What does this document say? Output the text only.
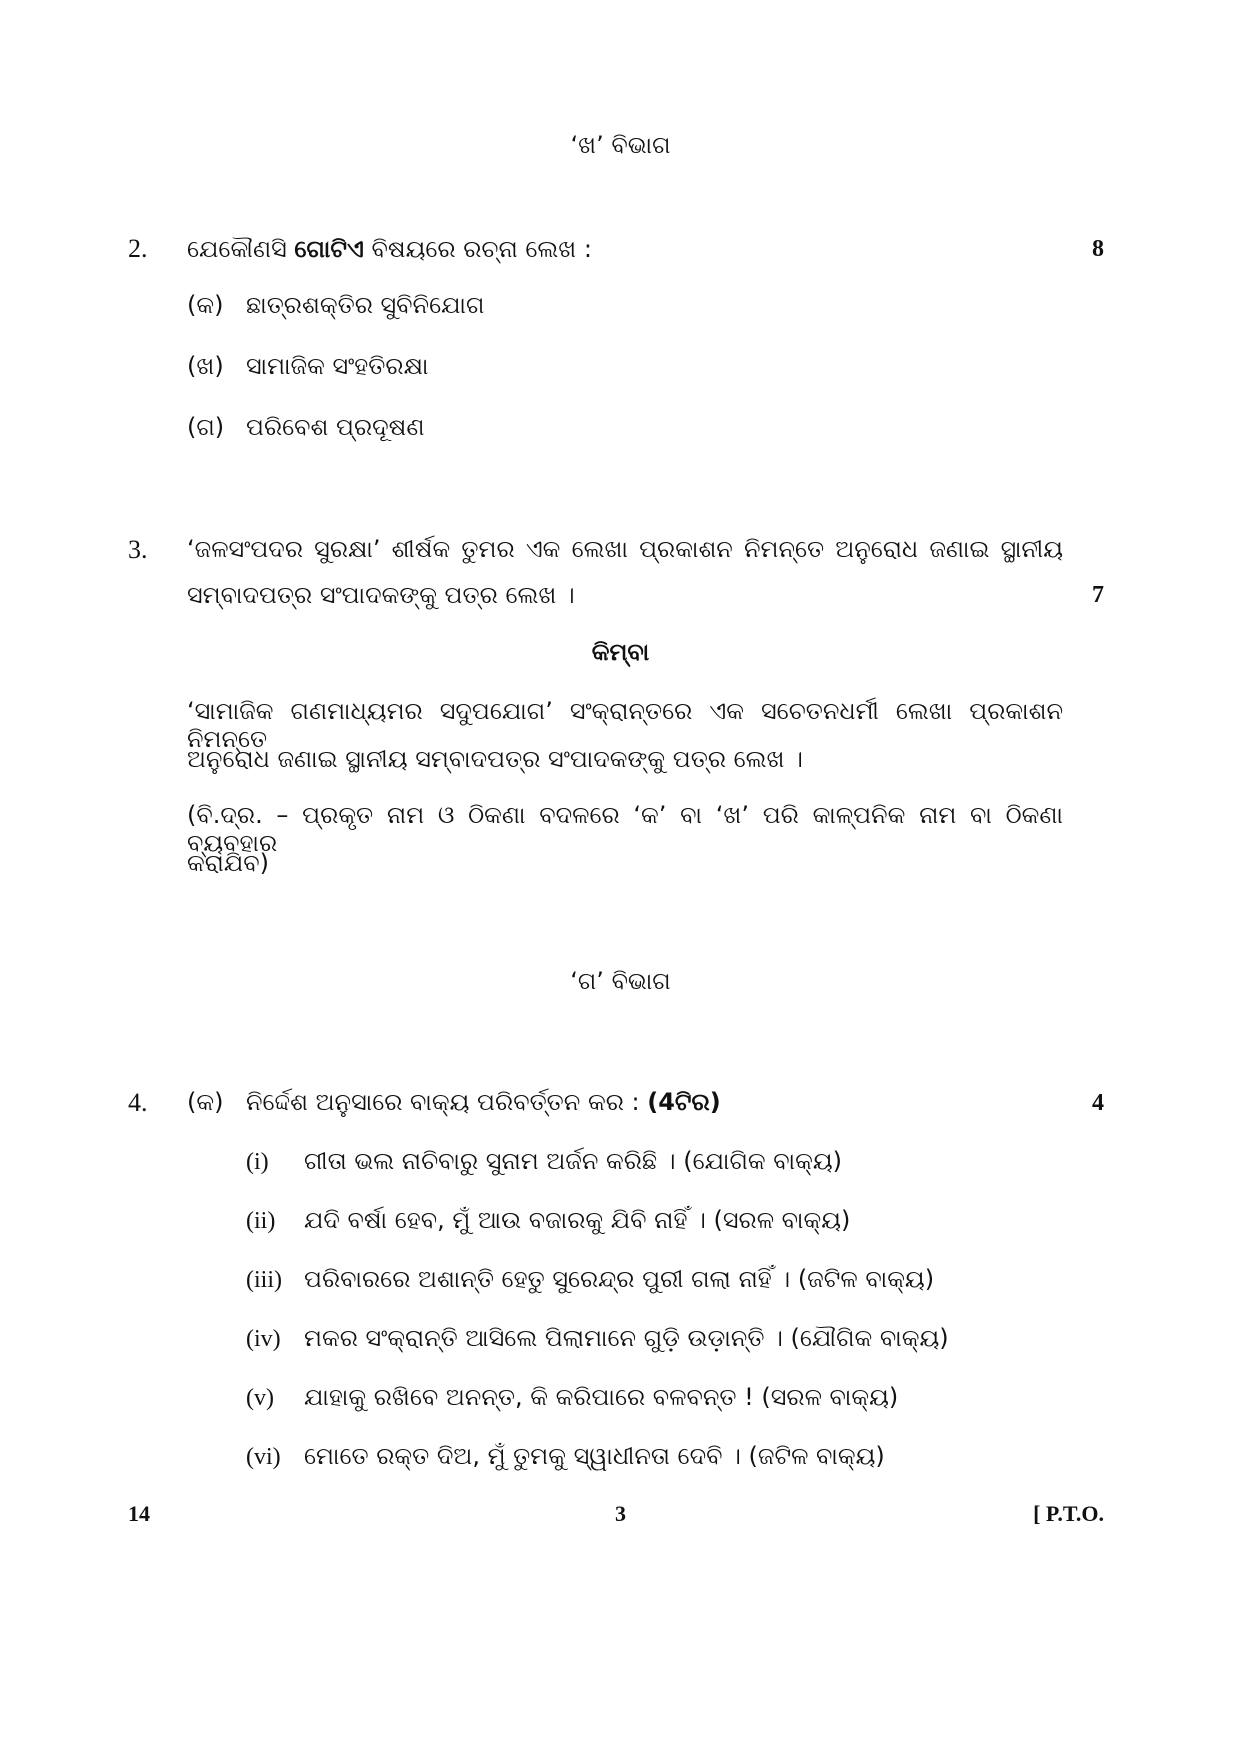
‘ଖ’ ବିଭାଗ
2. ଯେକୌଣସି ଗୋଟିଏ ବିଷୟରେ ରଚ୍‌ନା ଲେଖ :	8
(କ) ଛାତ୍ରଶକ୍ତିର ସୁବିନିଯୋଗ
(ଖ) ସାମାଜିକ ସଂହତିରକ୍ଷା
(ଗ) ପରିବେଶ ପ୍ରଦୂଷଣ
3. ‘ଜଳସଂପଦର ସୁରକ୍ଷା’ ଶୀର୍ଷକ ତୁମର ଏକ ଲେଖା ପ୍ରକାଶନ ନିମନ୍ତେ ଅନୁରୋଧ ଜଣାଇ ସ୍ଥାନୀୟ
ସମ୍ବାଦପତ୍ର ସଂପାଦକଙ୍କୁ ପତ୍ର ଲେଖ ।	7
କିମ୍ବା
‘ସାମାଜିକ ଗଣମାଧ୍ୟମର ସଦୁପଯୋଗ’ ସଂକ୍ରାନ୍ତରେ ଏକ ସଚେତନଧର୍ମୀ ଲେଖା ପ୍ରକାଶନ ନିମନ୍ତେ
ଅନୁରୋଧ ଜଣାଇ ସ୍ଥାନୀୟ ସମ୍ବାଦପତ୍ର ସଂପାଦକଙ୍କୁ ପତ୍ର ଲେଖ ।
(ବି.ଦ୍ର. – ପ୍ରକୃତ ନାମ ଓ ଠିକଣା ବଦଳରେ ‘କ’ ବା ‘ଖ’ ପରି କାଳ୍ପନିକ ନାମ ବା ଠିକଣା ବ୍ୟବହାର
କରାଯିବ)
‘ଗ’ ବିଭାଗ
4. (କ) ନିର୍ଦ୍ଦେଶ ଅନୁସାରେ ବାକ୍ୟ ପରିବର୍ତ୍ତନ କର : (4ଟିର)	4
(i) ଗୀତା ଭଲ ନାଚିବାରୁ ସୁନାମ ଅର୍ଜନ କରିଛି । (ଯୋଗିକ ବାକ୍ୟ)
(ii) ଯଦି ବର୍ଷା ହେବ, ମୁଁ ଆଉ ବଜାରକୁ ଯିବି ନାହିଁ । (ସରଳ ବାକ୍ୟ)
(iii) ପରିବାରରେ ଅଶାନ୍ତି ହେତୁ ସୁରେନ୍ଦ୍ର ପୁରୀ ଗଲା ନାହିଁ । (ଜଟିଳ ବାକ୍ୟ)
(iv) ମକର ସଂକ୍ରାନ୍ତି ଆସିଲେ ପିଲାମାନେ ଗୁଡ଼ି ଉଡ଼ାନ୍ତି । (ଯୌଗିକ ବାକ୍ୟ)
(v) ଯାହାକୁ ରଖିବେ ଅନନ୍ତ, କି କରିପାରେ ବଳବନ୍ତ ! (ସରଳ ବାକ୍ୟ)
(vi) ମୋତେ ରକ୍ତ ଦିଅ, ମୁଁ ତୁମକୁ ସ୍ୱାଧୀନତା ଦେବି । (ଜଟିଳ ବାକ୍ୟ)
14	3	[ P.T.O.
